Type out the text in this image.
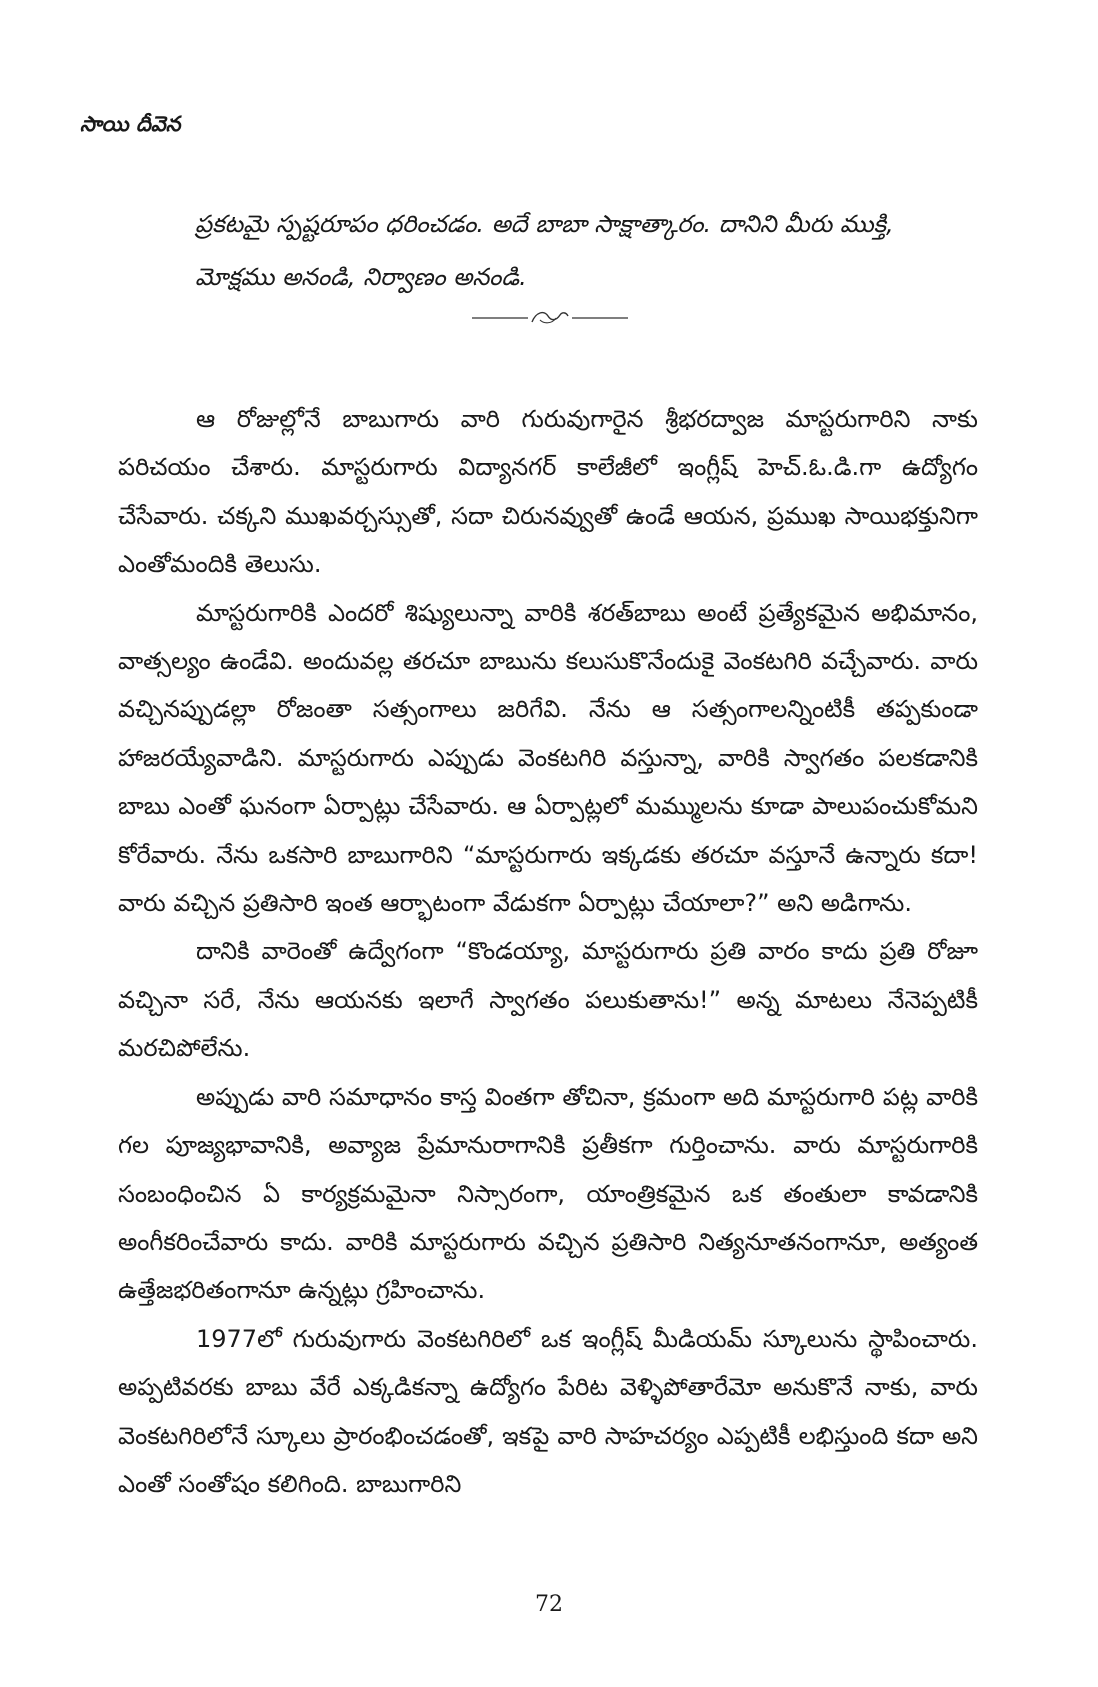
సాయి దీవెన
ప్రకటమై స్పష్టరూపం ధరించడం. అదే బాబా సాక్షాత్కారం. దానిని మీరు ముక్తి, మోక్షము అనండి, నిర్వాణం అనండి.

ఆ రోజుల్లోనే బాబుగారు వారి గురువుగారైన శ్రీభరద్వాజ మాస్టరుగారిని నాకు పరిచయం చేశారు. మాస్టరుగారు విద్యానగర్ కాలేజీలో ఇంగ్లీష్ హెచ్.ఓ.డి.గా ఉద్యోగం చేసేవారు. చక్కని ముఖవర్చస్సుతో, సదా చిరునవ్వుతో ఉండే ఆయన, ప్రముఖ సాయిభక్తునిగా ఎంతోమందికి తెలుసు.

మాస్టరుగారికి ఎందరో శిష్యులున్నా వారికి శరత్‌బాబు అంటే ప్రత్యేకమైన అభిమానం, వాత్సల్యం ఉండేవి. అందువల్ల తరచూ బాబును కలుసుకొనేందుకై వెంకటగిరి వచ్చేవారు. వారు వచ్చినప్పుడల్లా రోజంతా సత్సంగాలు జరిగేవి. నేను ఆ సత్సంగాలన్నింటికీ తప్పకుండా హాజరయ్యేవాడిని. మాస్టరుగారు ఎప్పుడు వెంకటగిరి వస్తున్నా, వారికి స్వాగతం పలకడానికి బాబు ఎంతో ఘనంగా ఏర్పాట్లు చేసేవారు. ఆ ఏర్పాట్లలో మమ్ములను కూడా పాలుపంచుకోమని కోరేవారు. నేను ఒకసారి బాబుగారిని “మాస్టరుగారు ఇక్కడకు తరచూ వస్తూనే ఉన్నారు కదా! వారు వచ్చిన ప్రతిసారి ఇంత ఆర్భాటంగా వేడుకగా ఏర్పాట్లు చేయాలా?” అని అడిగాను.

దానికి వారెంతో ఉద్వేగంగా “కొండయ్యా, మాస్టరుగారు ప్రతి వారం కాదు ప్రతి రోజూ వచ్చినా సరే, నేను ఆయనకు ఇలాగే స్వాగతం పలుకుతాను!” అన్న మాటలు నేనెప్పటికీ మరచిపోలేను.

అప్పుడు వారి సమాధానం కాస్త వింతగా తోచినా, క్రమంగా అది మాస్టరుగారి పట్ల వారికి గల పూజ్యభావానికి, అవ్యాజ ప్రేమానురాగానికి ప్రతీకగా గుర్తించాను. వారు మాస్టరుగారికి సంబంధించిన ఏ కార్యక్రమమైనా నిస్సారంగా, యాంత్రికమైన ఒక తంతులా కావడానికి అంగీకరించేవారు కాదు. వారికి మాస్టరుగారు వచ్చిన ప్రతిసారి నిత్యనూతనంగానూ, అత్యంత ఉత్తేజభరితంగానూ ఉన్నట్లు గ్రహించాను.

1977లో గురువుగారు వెంకటగిరిలో ఒక ఇంగ్లీష్ మీడియమ్ స్కూలును స్థాపించారు. అప్పటివరకు బాబు వేరే ఎక్కడికన్నా ఉద్యోగం పేరిట వెళ్ళిపోతారేమో అనుకొనే నాకు, వారు వెంకటగిరిలోనే స్కూలు ప్రారంభించడంతో, ఇకపై వారి సాహచర్యం ఎప్పటికీ లభిస్తుంది కదా అని ఎంతో సంతోషం కలిగింది. బాబుగారిని

72
